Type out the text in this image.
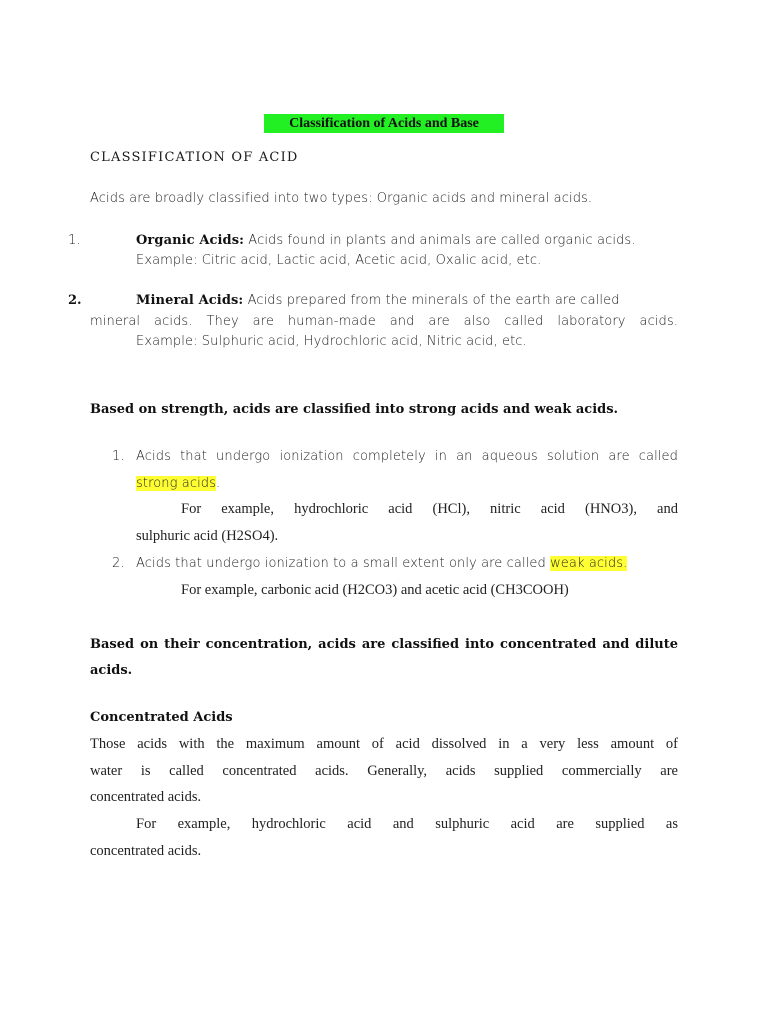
Classification of Acids and Base
CLASSIFICATION OF ACID
Acids are broadly classified into two types: Organic acids and mineral acids.
1.	Organic Acids: Acids found in plants and animals are called organic acids.
Example: Citric acid, Lactic acid, Acetic acid, Oxalic acid, etc.
2.	Mineral Acids: Acids prepared from the minerals of the earth are called
mineral acids. They are human-made and are also called laboratory acids.
Example: Sulphuric acid, Hydrochloric acid, Nitric acid, etc.
Based on strength, acids are classified into strong acids and weak acids.
1. Acids that undergo ionization completely in an aqueous solution are called
strong acids.
For example, hydrochloric acid (HCl), nitric acid (HNO3), and
sulphuric acid (H2SO4).
2. Acids that undergo ionization to a small extent only are called weak acids.
For example, carbonic acid (H2CO3) and acetic acid (CH3COOH)
Based on their concentration, acids are classified into concentrated and dilute
acids.
Concentrated Acids
Those acids with the maximum amount of acid dissolved in a very less amount of
water is called concentrated acids. Generally, acids supplied commercially are
concentrated acids.
For example, hydrochloric acid and sulphuric acid are supplied as
concentrated acids.
